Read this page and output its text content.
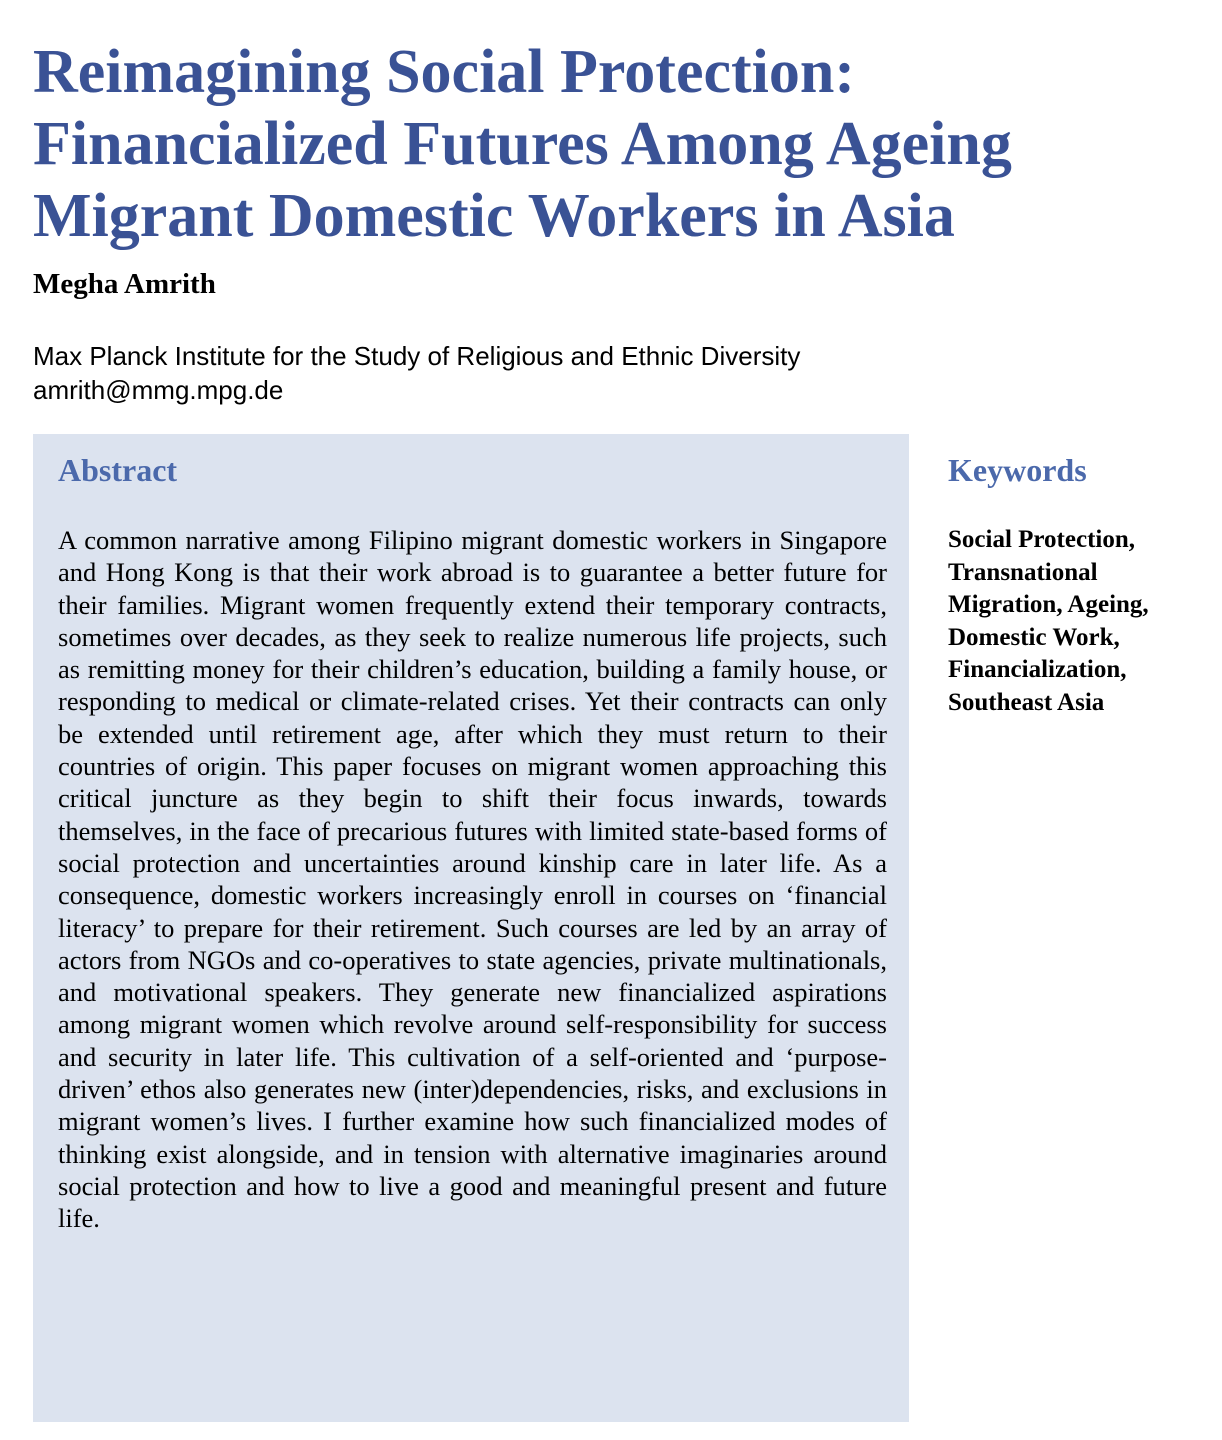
Reimagining Social Protection: Financialized Futures Among Ageing Migrant Domestic Workers in Asia
Megha Amrith
Max Planck Institute for the Study of Religious and Ethnic Diversity
amrith@mmg.mpg.de
Abstract

A common narrative among Filipino migrant domestic workers in Singapore and Hong Kong is that their work abroad is to guarantee a better future for their families. Migrant women frequently extend their temporary contracts, sometimes over decades, as they seek to realize numerous life projects, such as remitting money for their children’s education, building a family house, or responding to medical or climate-related crises. Yet their contracts can only be extended until retirement age, after which they must return to their countries of origin. This paper focuses on migrant women approaching this critical juncture as they begin to shift their focus inwards, towards themselves, in the face of precarious futures with limited state-based forms of social protection and uncertainties around kinship care in later life. As a consequence, domestic workers increasingly enroll in courses on ‘financial literacy’ to prepare for their retirement. Such courses are led by an array of actors from NGOs and co-operatives to state agencies, private multinationals, and motivational speakers. They generate new financialized aspirations among migrant women which revolve around self-responsibility for success and security in later life. This cultivation of a self-oriented and ‘purpose-driven’ ethos also generates new (inter)dependencies, risks, and exclusions in migrant women’s lives. I further examine how such financialized modes of thinking exist alongside, and in tension with alternative imaginaries around social protection and how to live a good and meaningful present and future life.

Keywords

Social Protection, Transnational Migration, Ageing, Domestic Work, Financialization, Southeast Asia
